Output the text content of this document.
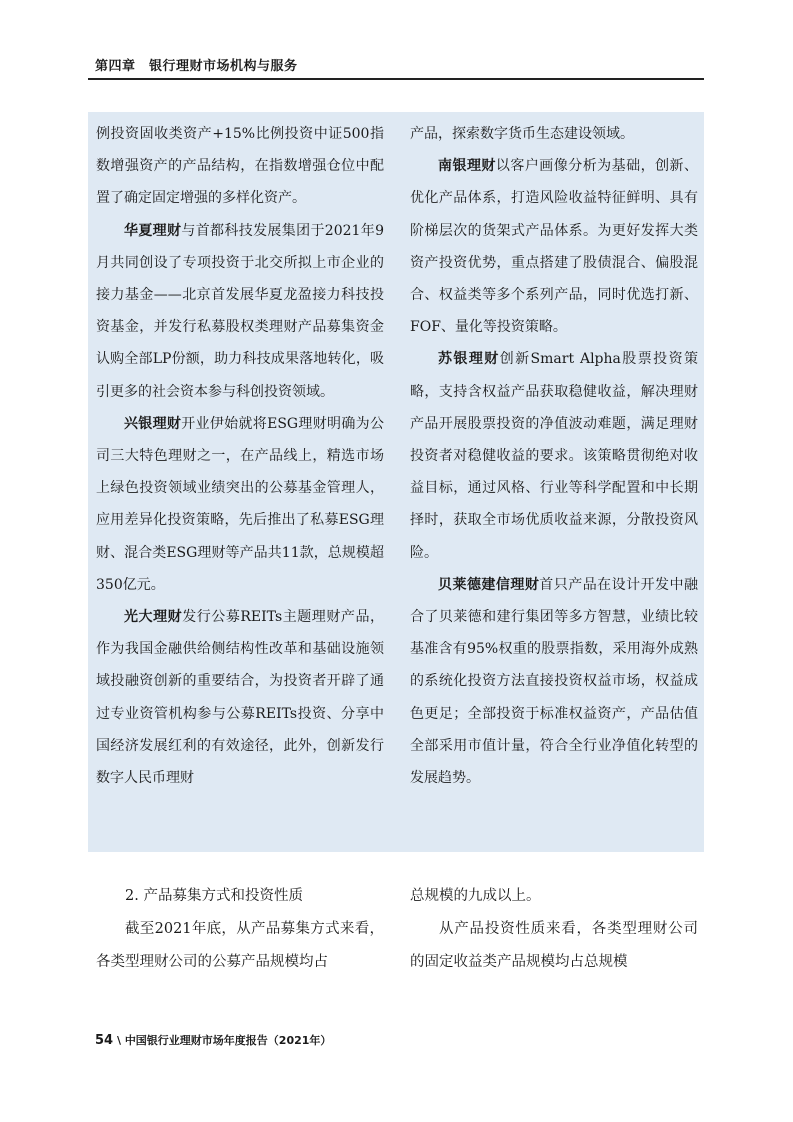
第四章　银行理财市场机构与服务

例投资固收类资产+15%比例投资中证500指数增强资产的产品结构，在指数增强仓位中配置了确定固定增强的多样化资产。

华夏理财与首都科技发展集团于2021年9月共同创设了专项投资于北交所拟上市企业的接力基金——北京首发展华夏龙盈接力科技投资基金，并发行私募股权类理财产品募集资金认购全部LP份额，助力科技成果落地转化，吸引更多的社会资本参与科创投资领域。

兴银理财开业伊始就将ESG理财明确为公司三大特色理财之一，在产品线上，精选市场上绿色投资领域业绩突出的公募基金管理人，应用差异化投资策略，先后推出了私募ESG理财、混合类ESG理财等产品共11款，总规模超350亿元。

光大理财发行公募REITs主题理财产品，作为我国金融供给侧结构性改革和基础设施领域投融资创新的重要结合，为投资者开辟了通过专业资管机构参与公募REITs投资、分享中国经济发展红利的有效途径，此外，创新发行数字人民币理财

产品，探索数字货币生态建设领域。

南银理财以客户画像分析为基础，创新、优化产品体系，打造风险收益特征鲜明、具有阶梯层次的货架式产品体系。为更好发挥大类资产投资优势，重点搭建了股债混合、偏股混合、权益类等多个系列产品，同时优选打新、FOF、量化等投资策略。

苏银理财创新Smart Alpha股票投资策略，支持含权益产品获取稳健收益，解决理财产品开展股票投资的净值波动难题，满足理财投资者对稳健收益的要求。该策略贯彻绝对收益目标，通过风格、行业等科学配置和中长期择时，获取全市场优质收益来源，分散投资风险。

贝莱德建信理财首只产品在设计开发中融合了贝莱德和建行集团等多方智慧，业绩比较基准含有95%权重的股票指数，采用海外成熟的系统化投资方法直接投资权益市场，权益成色更足；全部投资于标准权益资产，产品估值全部采用市值计量，符合全行业净值化转型的发展趋势。

2. 产品募集方式和投资性质

截至2021年底，从产品募集方式来看，各类型理财公司的公募产品规模均占

总规模的九成以上。

从产品投资性质来看，各类型理财公司的固定收益类产品规模均占总规模

54 \ 中国银行业理财市场年度报告（2021年）
